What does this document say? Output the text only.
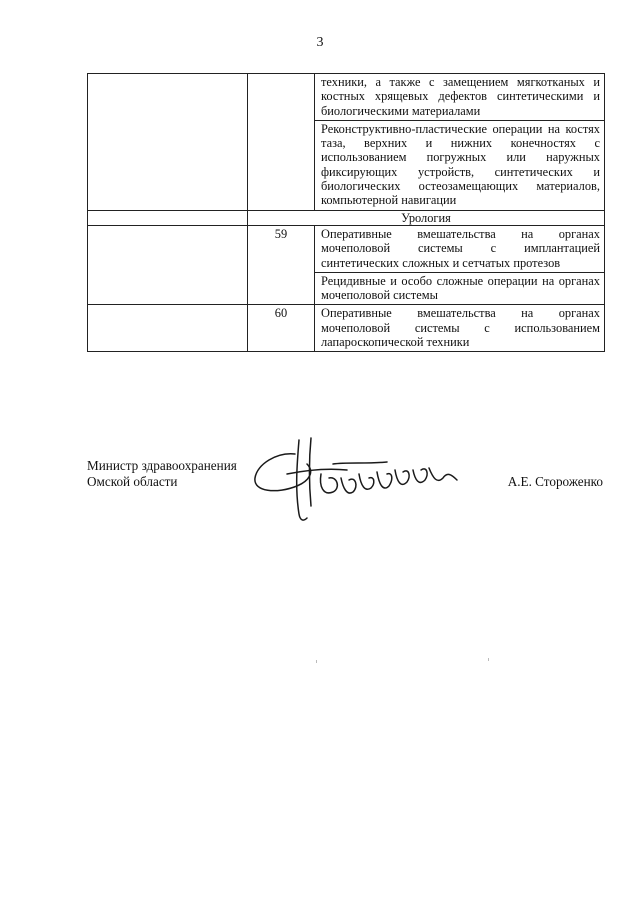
3

		техники, а также с замещением мягкотканых и костных хрящевых дефектов синтетическими и биологическими материалами

		Реконструктивно-пластические операции на костях таза, верхних и нижних конечностях с использованием погружных или наружных фиксирующих устройств, синтетических и биологических остеозамещающих материалов, компьютерной навигации

	Урология	

	59	Оперативные вмешательства на органах мочеполовой системы с имплантацией синтетических сложных и сетчатых протезов

		Рецидивные и особо сложные операции на органах мочеполовой системы

	60	Оперативные вмешательства на органах мочеполовой системы с использованием лапароскопической техники
Министр здравоохранения
Омской области	А.Е. Стороженко
